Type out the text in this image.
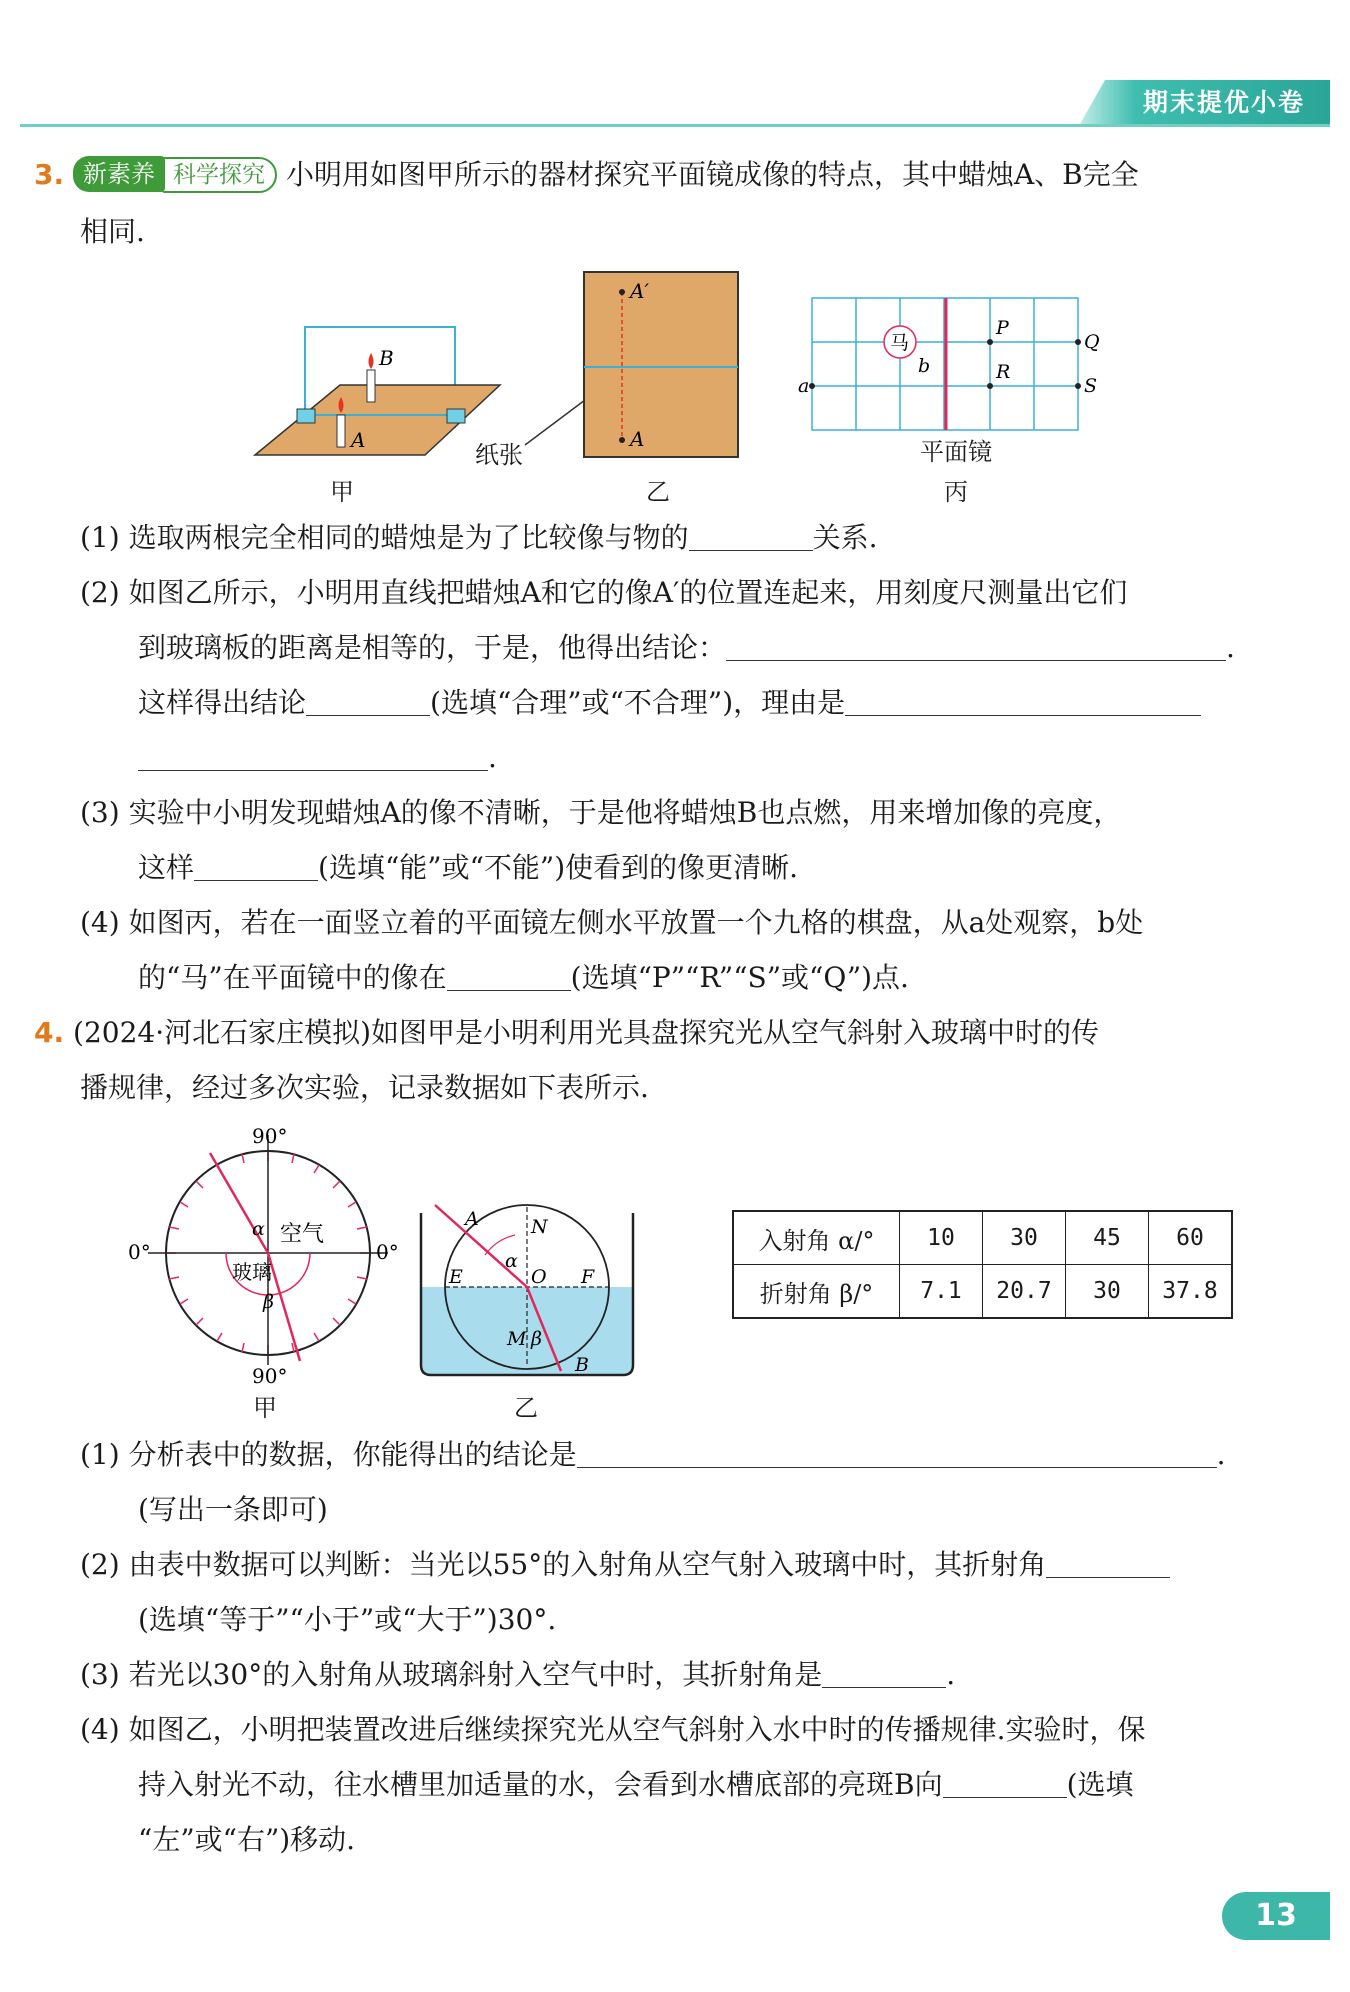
期末提优小卷
3. 新素养 科学探究 小明用如图甲所示的器材探究平面镜成像的特点，其中蜡烛A、B完全
相同.
B
A
纸张
甲
A′
A
乙
马
b
a
P
Q
R
S
平面镜
丙
(1) 选取两根完全相同的蜡烛是为了比较像与物的	关系.
(2) 如图乙所示，小明用直线把蜡烛A和它的像A′的位置连起来，用刻度尺测量出它们
到玻璃板的距离是相等的，于是，他得出结论：	.
这样得出结论	(选填“合理”或“不合理”)，理由是
.
(3) 实验中小明发现蜡烛A的像不清晰，于是他将蜡烛B也点燃，用来增加像的亮度，
这样	(选填“能”或“不能”)使看到的像更清晰.
(4) 如图丙，若在一面竖立着的平面镜左侧水平放置一个九格的棋盘，从a处观察，b处
的“马”在平面镜中的像在	(选填“P”“R”“S”或“Q”)点.
4. (2024·河北石家庄模拟)如图甲是小明利用光具盘探究光从空气斜射入玻璃中时的传
播规律，经过多次实验，记录数据如下表所示.
α 空气
玻璃
β
90°
90°
0°	0°
甲
A	N
α
E	O F
M β
B
乙
入射角 α/°	10	30	45	60
折射角 β/°	7.1	20.7	30	37.8
(1) 分析表中的数据，你能得出的结论是	.
(写出一条即可)
(2) 由表中数据可以判断：当光以55°的入射角从空气射入玻璃中时，其折射角
(选填“等于”“小于”或“大于”)30°.
(3) 若光以30°的入射角从玻璃斜射入空气中时，其折射角是	.
(4) 如图乙，小明把装置改进后继续探究光从空气斜射入水中时的传播规律.实验时，保
持入射光不动，往水槽里加适量的水，会看到水槽底部的亮斑B向	(选填
“左”或“右”)移动.
13
